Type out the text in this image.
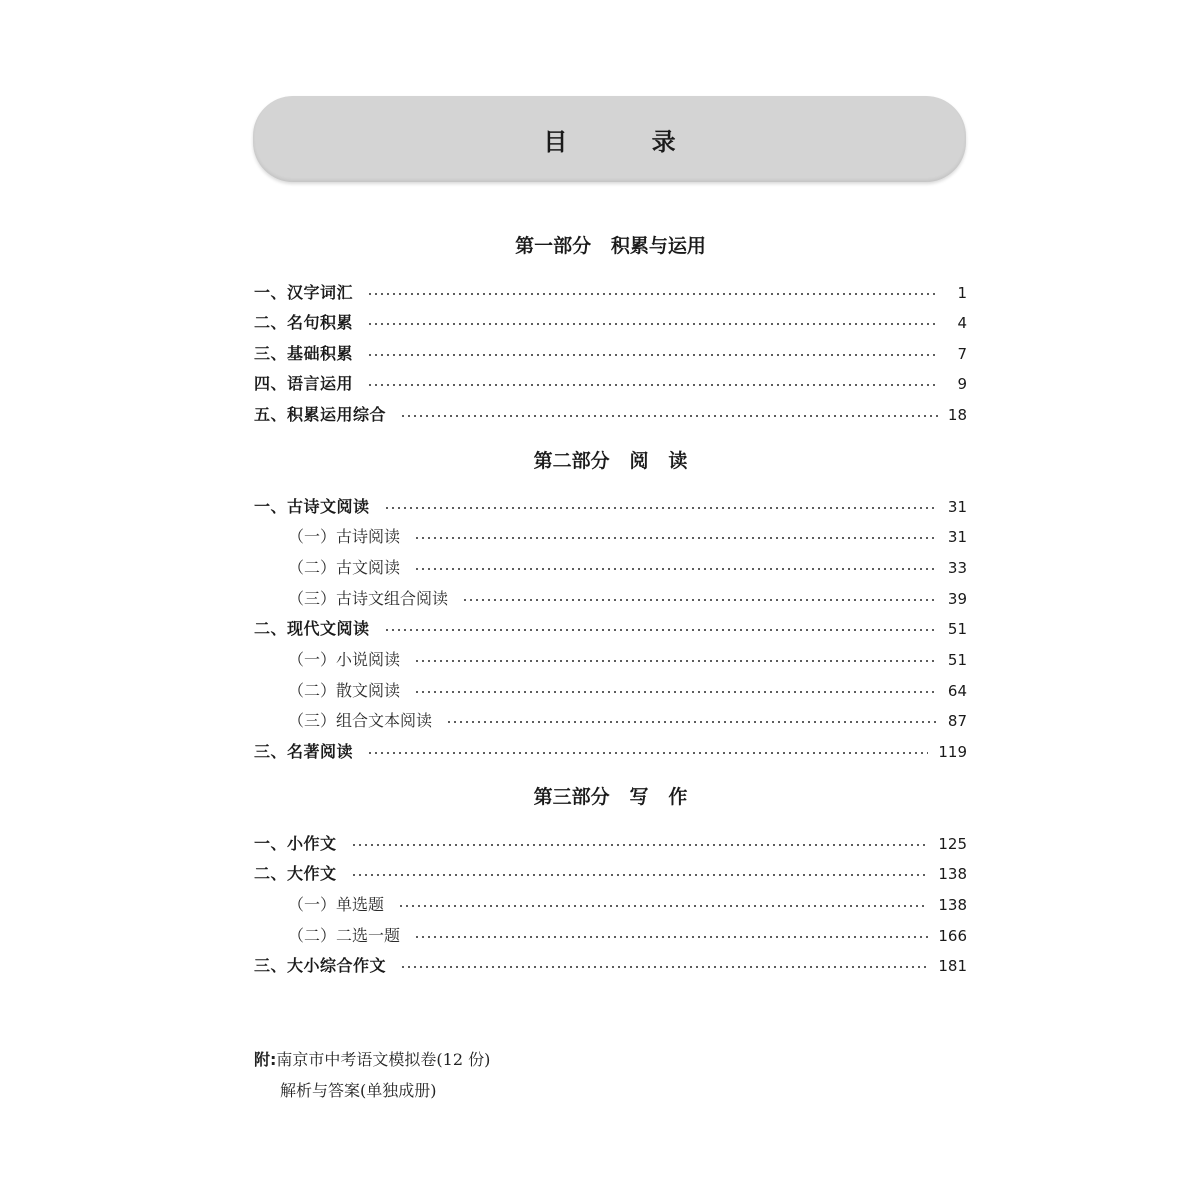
目 录
第一部分   积累与运用
一、汉字词汇	1
二、名句积累	4
三、基础积累	7
四、语言运用	9
五、积累运用综合	18
第二部分   阅   读
一、古诗文阅读	31
（一）古诗阅读	31
（二）古文阅读	33
（三）古诗文组合阅读	39
二、现代文阅读	51
（一）小说阅读	51
（二）散文阅读	64
（三）组合文本阅读	87
三、名著阅读	119
第三部分   写   作
一、小作文	125
二、大作文	138
（一）单选题	138
（二）二选一题	166
三、大小综合作文	181
附:南京市中考语文模拟卷(12 份)
解析与答案(单独成册)
